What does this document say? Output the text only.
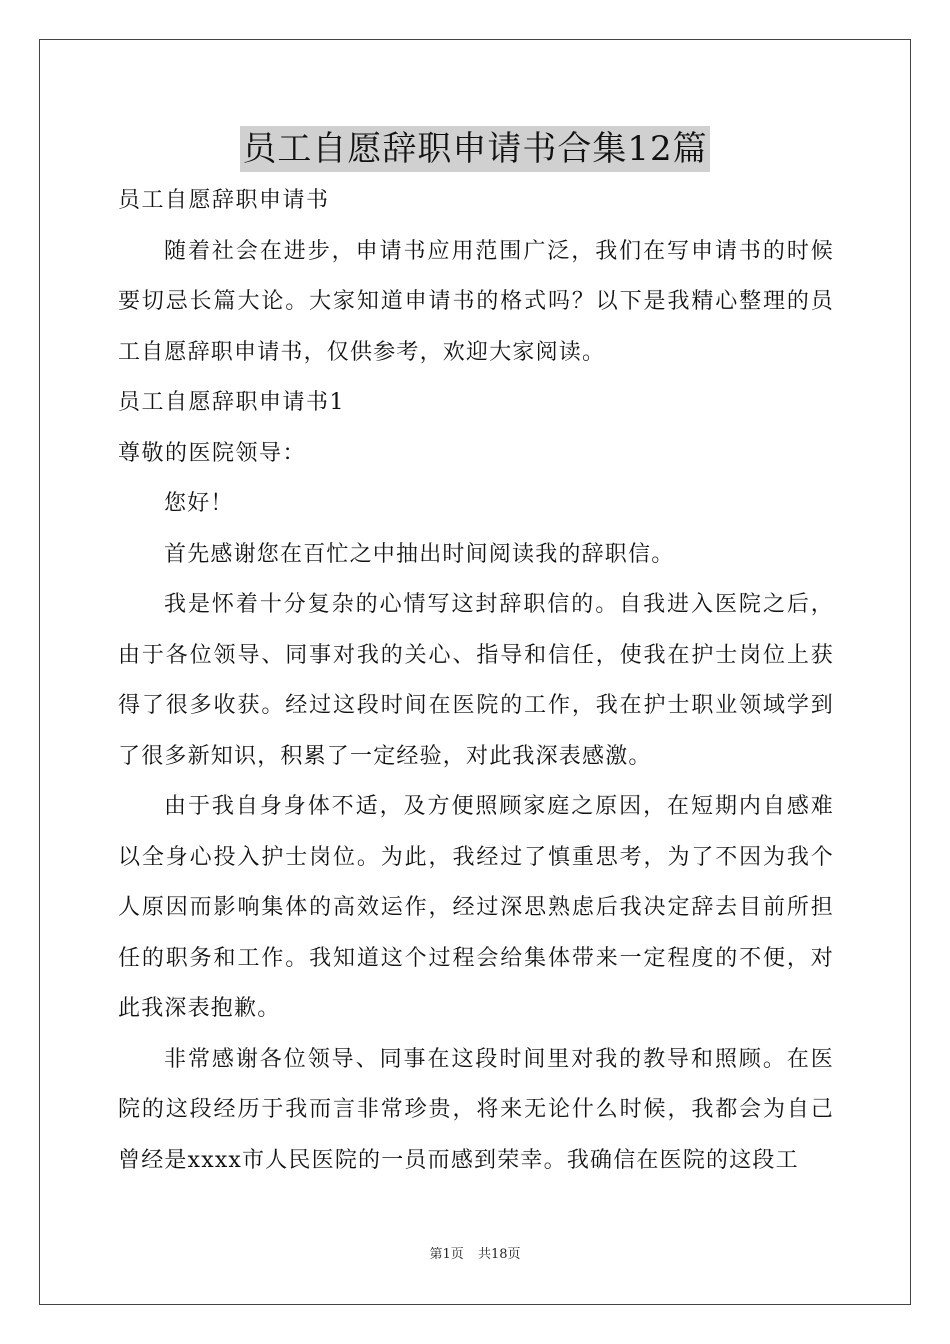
员工自愿辞职申请书合集12篇

员工自愿辞职申请书

随着社会在进步，申请书应用范围广泛，我们在写申请书的时候要切忌长篇大论。大家知道申请书的格式吗？以下是我精心整理的员工自愿辞职申请书，仅供参考，欢迎大家阅读。

员工自愿辞职申请书1

尊敬的医院领导：

您好！

首先感谢您在百忙之中抽出时间阅读我的辞职信。

我是怀着十分复杂的心情写这封辞职信的。自我进入医院之后，由于各位领导、同事对我的关心、指导和信任，使我在护士岗位上获得了很多收获。经过这段时间在医院的工作，我在护士职业领域学到了很多新知识，积累了一定经验，对此我深表感激。

由于我自身身体不适，及方便照顾家庭之原因，在短期内自感难以全身心投入护士岗位。为此，我经过了慎重思考，为了不因为我个人原因而影响集体的高效运作，经过深思熟虑后我决定辞去目前所担任的职务和工作。我知道这个过程会给集体带来一定程度的不便，对此我深表抱歉。

非常感谢各位领导、同事在这段时间里对我的教导和照顾。在医院的这段经历于我而言非常珍贵，将来无论什么时候，我都会为自己曾经是xxxx市人民医院的一员而感到荣幸。我确信在医院的这段工

第1页 共18页
